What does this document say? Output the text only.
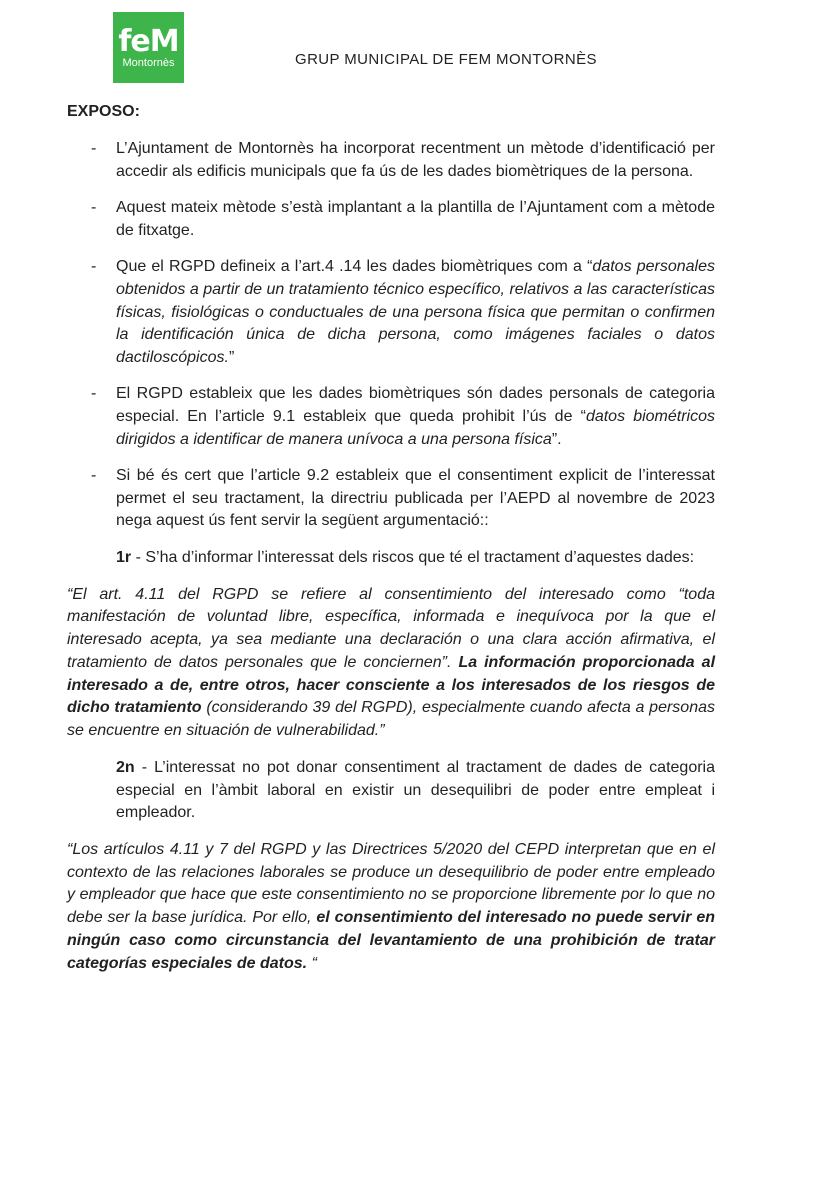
feM
Montornès	GRUP MUNICIPAL DE FEM MONTORNÈS
EXPOSO:

- L’Ajuntament de Montornès ha incorporat recentment un mètode d’identificació per accedir als edificis municipals que fa ús de les dades biomètriques de la persona.

- Aquest mateix mètode s’està implantant a la plantilla de l’Ajuntament com a mètode de fitxatge.

- Que el RGPD defineix a l’art.4 .14 les dades biomètriques com a “datos personales obtenidos a partir de un tratamiento técnico específico, relativos a las características físicas, fisiológicas o conductuales de una persona física que permitan o confirmen la identificación única de dicha persona, como imágenes faciales o datos dactiloscópicos.”

- El RGPD estableix que les dades biomètriques són dades personals de categoria especial. En l’article 9.1 estableix que queda prohibit l’ús de “datos biométricos dirigidos a identificar de manera unívoca a una persona física”.

- Si bé és cert que l’article 9.2 estableix que el consentiment explicit de l’interessat permet el seu tractament, la directriu publicada per l’AEPD al novembre de 2023 nega aquest ús fent servir la següent argumentació::

1r - S’ha d’informar l’interessat dels riscos que té el tractament d’aquestes dades:

“El art. 4.11 del RGPD se refiere al consentimiento del interesado como “toda manifestación de voluntad libre, específica, informada e inequívoca por la que el interesado acepta, ya sea mediante una declaración o una clara acción afirmativa, el tratamiento de datos personales que le conciernen”. La información proporcionada al interesado a de, entre otros, hacer consciente a los interesados de los riesgos de dicho tratamiento (considerando 39 del RGPD), especialmente cuando afecta a personas se encuentre en situación de vulnerabilidad.”

2n - L’interessat no pot donar consentiment al tractament de dades de categoria especial en l’àmbit laboral en existir un desequilibri de poder entre empleat i empleador.

“Los artículos 4.11 y 7 del RGPD y las Directrices 5/2020 del CEPD interpretan que en el contexto de las relaciones laborales se produce un desequilibrio de poder entre empleado y empleador que hace que este consentimiento no se proporcione libremente por lo que no debe ser la base jurídica. Por ello, el consentimiento del interesado no puede servir en ningún caso como circunstancia del levantamiento de una prohibición de tratar categorías especiales de datos. “
